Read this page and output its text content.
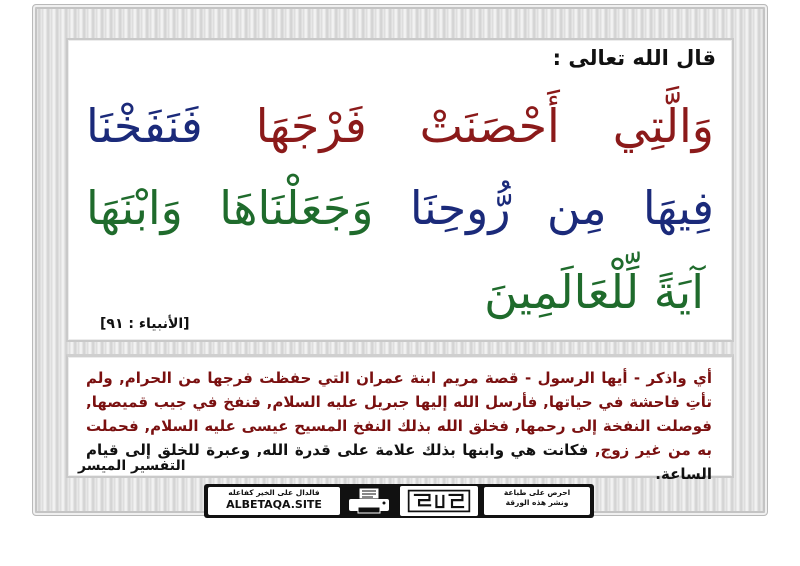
قال الله تعالى :
وَالَّتِي أَحْصَنَتْ فَرْجَهَا فَنَفَخْنَا
فِيهَا مِن رُّوحِنَا وَجَعَلْنَاهَا وَابْنَهَا
آيَةً لِّلْعَالَمِينَ
[الأنبياء : ٩١]
أي واذكر - أيها الرسول - قصة مريم ابنة عمران التي حفظت فرجها من الحرام, ولم تأتِ فاحشة في حياتها, فأرسل الله إليها جبريل عليه السلام, فنفخ في جيب قميصها, فوصلت النفخة إلى رحمها, فخلق الله بذلك النفخ المسيح عيسى عليه السلام, فحملت به من غير زوج, فكانت هي وابنها بذلك علامة على قدرة الله, وعبرة للخلق إلى قيام الساعة.
التفسير الميسر
فالدال على الخير كفاعله
ALBETAQA.SITE
احرص على طباعة
ونشر هذه الورقة
